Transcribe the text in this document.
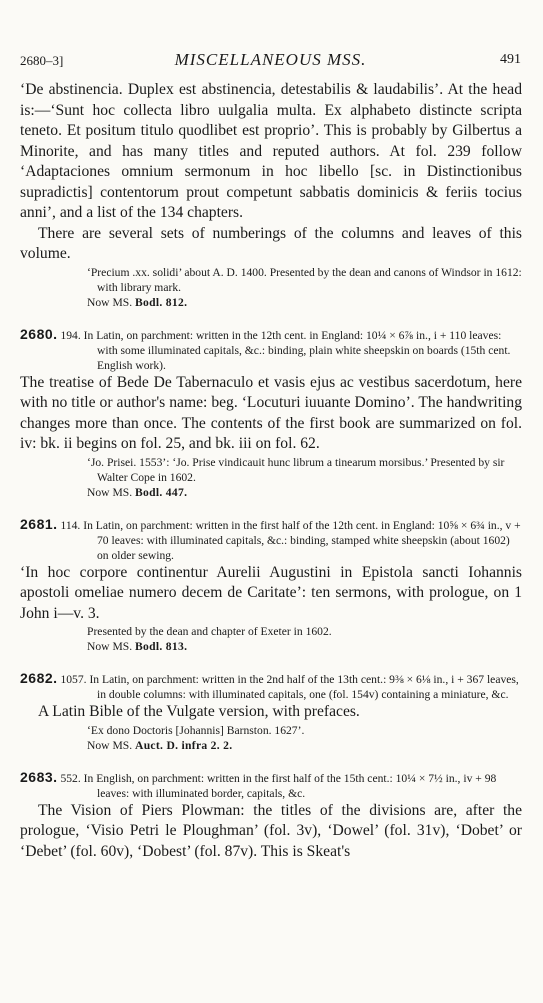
2680–3]	MISCELLANEOUS MSS.	491

‘De abstinencia. Duplex est abstinencia, detestabilis & laudabilis’. At the head is:—‘Sunt hoc collecta libro uulgalia multa. Ex alphabeto distincte scripta teneto. Et positum titulo quodlibet est proprio’. This is probably by Gilbertus a Minorite, and has many titles and reputed authors. At fol. 239 follow ‘Adaptaciones omnium sermonum in hoc libello [sc. in Distinctionibus supradictis] contentorum prout competunt sabbatis dominicis & feriis tocius anni’, and a list of the 134 chapters.

There are several sets of numberings of the columns and leaves of this volume.

‘Precium .xx. solidi’ about A. D. 1400. Presented by the dean and canons of Windsor in 1612: with library mark.

Now MS. Bodl. 812.

2680. 194. In Latin, on parchment: written in the 12th cent. in England: 10¼ × 6⅞ in., i + 110 leaves: with some illuminated capitals, &c.: binding, plain white sheepskin on boards (15th cent. English work).

The treatise of Bede De Tabernaculo et vasis ejus ac vestibus sacerdotum, here with no title or author's name: beg. ‘Locuturi iuuante Domino’. The handwriting changes more than once. The contents of the first book are summarized on fol. iv: bk. ii begins on fol. 25, and bk. iii on fol. 62.

‘Jo. Prisei. 1553’: ‘Jo. Prise vindicauit hunc librum a tinearum morsibus.’ Presented by sir Walter Cope in 1602.

Now MS. Bodl. 447.

2681. 114. In Latin, on parchment: written in the first half of the 12th cent. in England: 10⅝ × 6¾ in., v + 70 leaves: with illuminated capitals, &c.: binding, stamped white sheepskin (about 1602) on older sewing.

‘In hoc corpore continentur Aurelii Augustini in Epistola sancti Iohannis apostoli omeliae numero decem de Caritate’: ten sermons, with prologue, on 1 John i—v. 3.

Presented by the dean and chapter of Exeter in 1602.

Now MS. Bodl. 813.

2682. 1057. In Latin, on parchment: written in the 2nd half of the 13th cent.: 9⅜ × 6⅛ in., i + 367 leaves, in double columns: with illuminated capitals, one (fol. 154v) containing a miniature, &c.

A Latin Bible of the Vulgate version, with prefaces.

‘Ex dono Doctoris [Johannis] Barnston. 1627’.

Now MS. Auct. D. infra 2. 2.

2683. 552. In English, on parchment: written in the first half of the 15th cent.: 10¼ × 7½ in., iv + 98 leaves: with illuminated border, capitals, &c.

The Vision of Piers Plowman: the titles of the divisions are, after the prologue, ‘Visio Petri le Ploughman’ (fol. 3v), ‘Dowel’ (fol. 31v), ‘Dobet’ or ‘Debet’ (fol. 60v), ‘Dobest’ (fol. 87v). This is Skeat's
